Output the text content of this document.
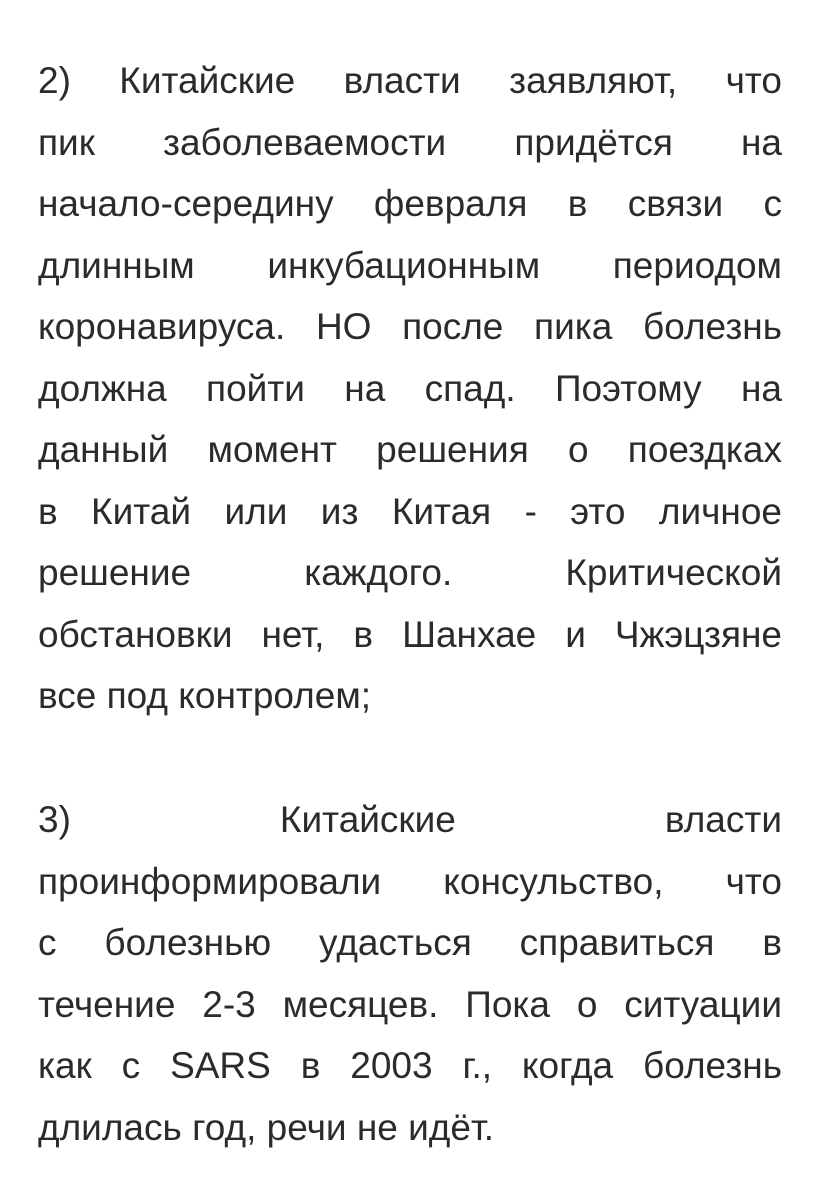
2) Китайские власти заявляют, что
пик заболеваемости придётся на
начало-середину февраля в связи с
длинным инкубационным периодом
коронавируса. НО после пика болезнь
должна пойти на спад. Поэтому на
данный момент решения о поездках
в Китай или из Китая - это личное
решение каждого. Критической
обстановки нет, в Шанхае и Чжэцзяне
все под контролем;
3) Китайские власти
проинформировали консульство, что
с болезнью удасться справиться в
течение 2-3 месяцев. Пока о ситуации
как с SARS в 2003 г., когда болезнь
длилась год, речи не идёт.
